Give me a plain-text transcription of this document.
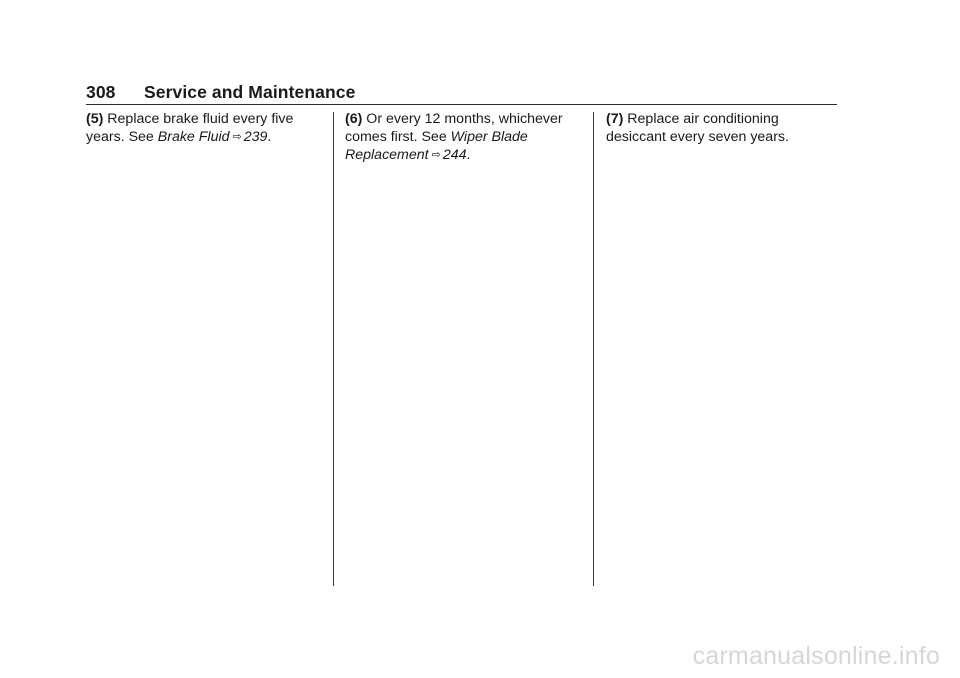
308	Service and Maintenance
(5) Replace brake fluid every five
years. See Brake Fluid ⇨ 239.
(6) Or every 12 months, whichever
comes first. See Wiper Blade
Replacement ⇨ 244.
(7) Replace air conditioning
desiccant every seven years.
carmanualsonline.info
